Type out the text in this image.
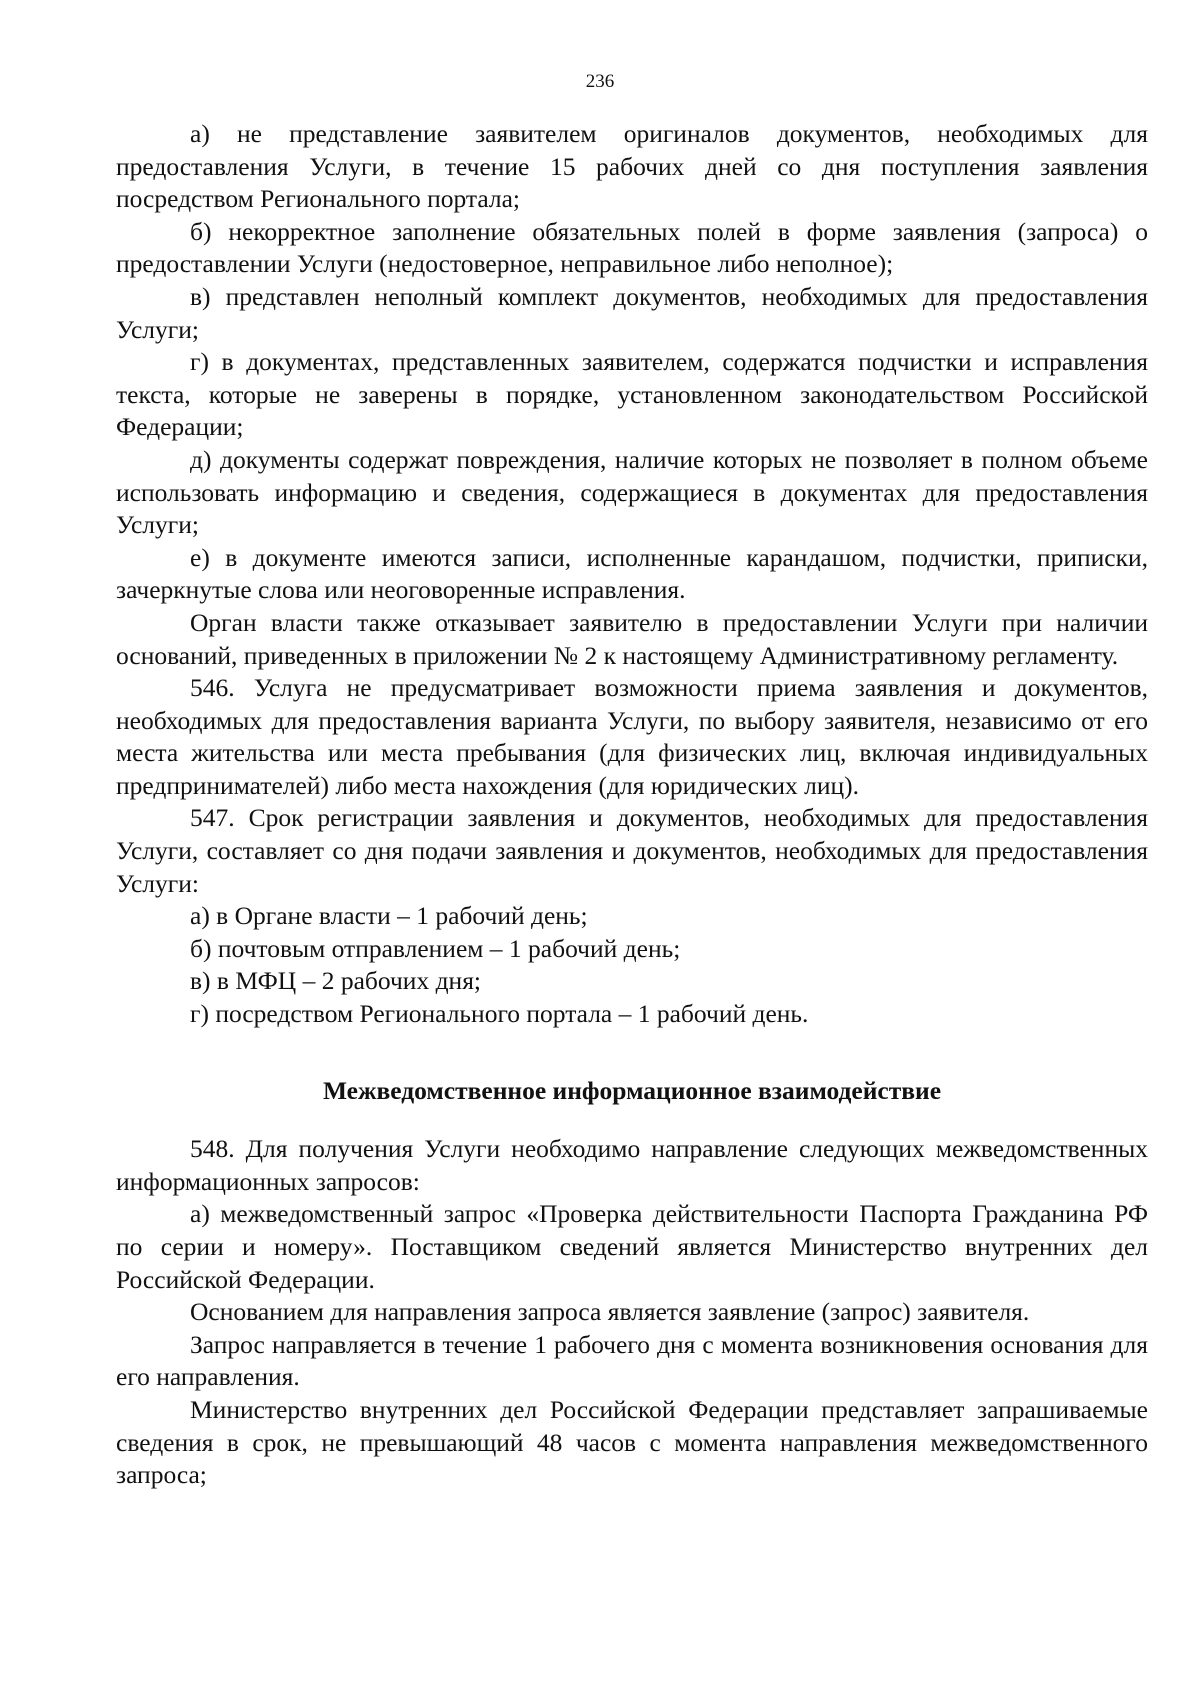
236

а) не представление заявителем оригиналов документов, необходимых для предоставления Услуги, в течение 15 рабочих дней со дня поступления заявления посредством Регионального портала;

б) некорректное заполнение обязательных полей в форме заявления (запроса) о предоставлении Услуги (недостоверное, неправильное либо неполное);

в) представлен неполный комплект документов, необходимых для предоставления Услуги;

г) в документах, представленных заявителем, содержатся подчистки и исправления текста, которые не заверены в порядке, установленном законодательством Российской Федерации;

д) документы содержат повреждения, наличие которых не позволяет в полном объеме использовать информацию и сведения, содержащиеся в документах для предоставления Услуги;

е) в документе имеются записи, исполненные карандашом, подчистки, приписки, зачеркнутые слова или неоговоренные исправления.

Орган власти также отказывает заявителю в предоставлении Услуги при наличии оснований, приведенных в приложении № 2 к настоящему Административному регламенту.

546. Услуга не предусматривает возможности приема заявления и документов, необходимых для предоставления варианта Услуги, по выбору заявителя, независимо от его места жительства или места пребывания (для физических лиц, включая индивидуальных предпринимателей) либо места нахождения (для юридических лиц).

547. Срок регистрации заявления и документов, необходимых для предоставления Услуги, составляет со дня подачи заявления и документов, необходимых для предоставления Услуги:

а) в Органе власти – 1 рабочий день;

б) почтовым отправлением – 1 рабочий день;

в) в МФЦ – 2 рабочих дня;

г) посредством Регионального портала – 1 рабочий день.

Межведомственное информационное взаимодействие

548. Для получения Услуги необходимо направление следующих межведомственных информационных запросов:

а) межведомственный запрос «Проверка действительности Паспорта Гражданина РФ по серии и номеру». Поставщиком сведений является Министерство внутренних дел Российской Федерации.

Основанием для направления запроса является заявление (запрос) заявителя.

Запрос направляется в течение 1 рабочего дня с момента возникновения основания для его направления.

Министерство внутренних дел Российской Федерации представляет запрашиваемые сведения в срок, не превышающий 48 часов с момента направления межведомственного запроса;
